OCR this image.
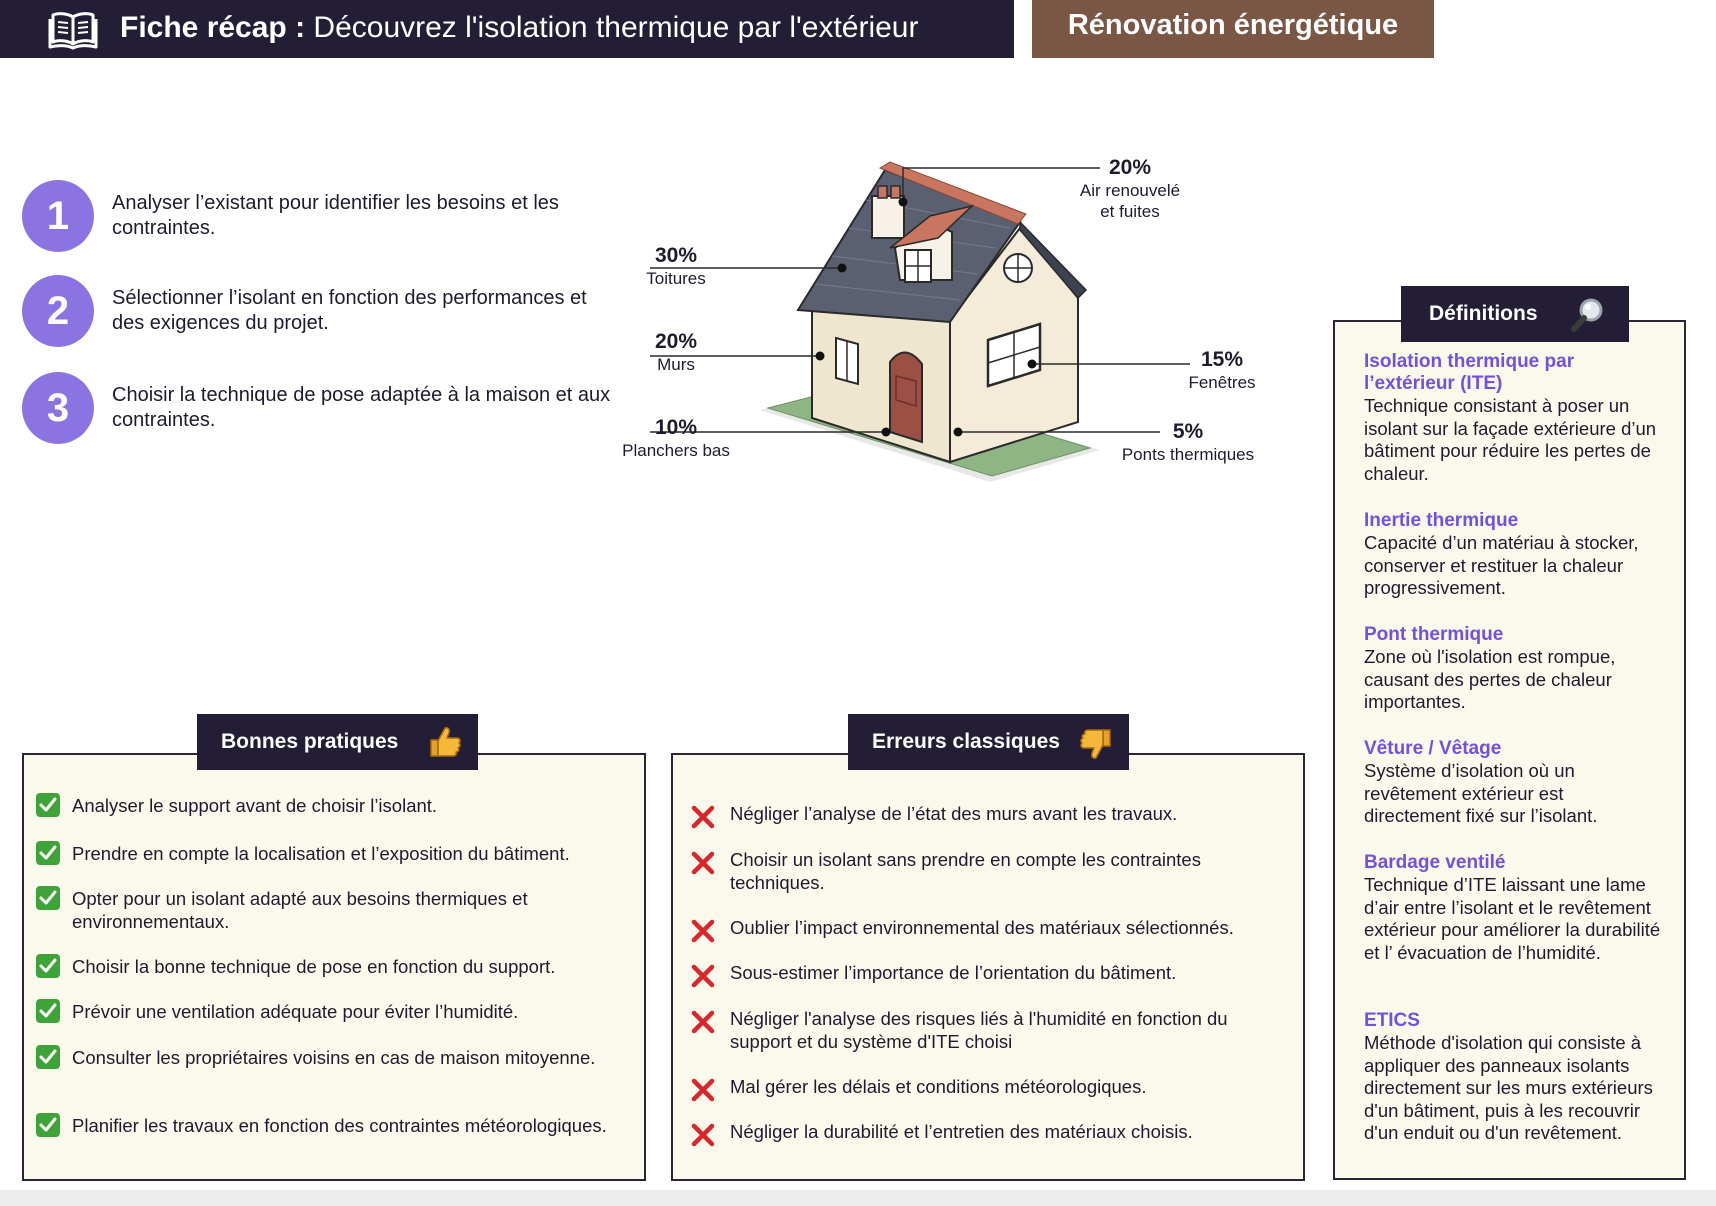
Fiche récap : Découvrez l'isolation thermique par l'extérieur	Rénovation énergétique
1	Analyser l’existant pour identifier les besoins et les contraintes.
2	Sélectionner l’isolant en fonction des performances et des exigences du projet.
3	Choisir la technique de pose adaptée à la maison et aux contraintes.
20%
Air renouvelé
et fuites
30%
Toitures
20%
Murs
10%
Planchers bas
15%
Fenêtres
5%
Ponts thermiques
Bonnes pratiques
Analyser le support avant de choisir l’isolant.
Prendre en compte la localisation et l’exposition du bâtiment.
Opter pour un isolant adapté aux besoins thermiques et environnementaux.
Choisir la bonne technique de pose en fonction du support.
Prévoir une ventilation adéquate pour éviter l’humidité.
Consulter les propriétaires voisins en cas de maison mitoyenne.
Planifier les travaux en fonction des contraintes météorologiques.
Erreurs classiques
Négliger l’analyse de l’état des murs avant les travaux.
Choisir un isolant sans prendre en compte les contraintes techniques.
Oublier l’impact environnemental des matériaux sélectionnés.
Sous-estimer l’importance de l’orientation du bâtiment.
Négliger l'analyse des risques liés à l'humidité en fonction du support et du système d'ITE choisi
Mal gérer les délais et conditions météorologiques.
Négliger la durabilité et l’entretien des matériaux choisis.
Définitions
Isolation thermique par l’extérieur (ITE)
Technique consistant à poser un isolant sur la façade extérieure d’un bâtiment pour réduire les pertes de chaleur.
Inertie thermique
Capacité d’un matériau à stocker, conserver et restituer la chaleur progressivement.
Pont thermique
Zone où l'isolation est rompue, causant des pertes de chaleur importantes.
Vêture / Vêtage
Système d’isolation où un revêtement extérieur est directement fixé sur l’isolant.
Bardage ventilé
Technique d’ITE laissant une lame d’air entre l’isolant et le revêtement extérieur pour améliorer la durabilité et l’ évacuation de l’humidité.
ETICS
Méthode d'isolation qui consiste à appliquer des panneaux isolants directement sur les murs extérieurs d'un bâtiment, puis à les recouvrir d'un enduit ou d'un revêtement.
